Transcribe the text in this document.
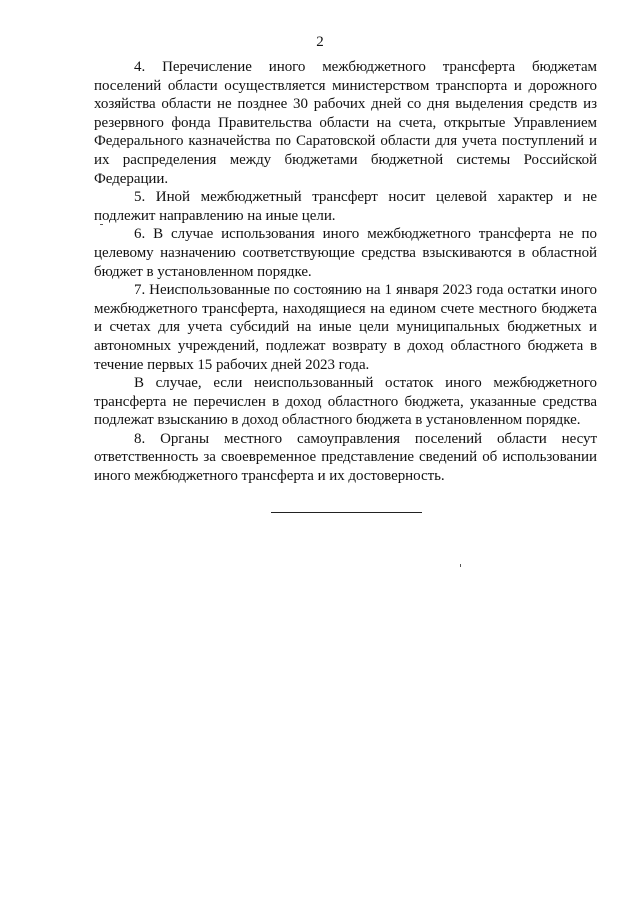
2

4. Перечисление иного межбюджетного трансферта бюджетам поселений области осуществляется министерством транспорта и дорожного хозяйства области не позднее 30 рабочих дней со дня выделения средств из резервного фонда Правительства области на счета, открытые Управлением Федерального казначейства по Саратовской области для учета поступлений и их распределения между бюджетами бюджетной системы Российской Федерации.

5. Иной межбюджетный трансферт носит целевой характер и не подлежит направлению на иные цели.

6. В случае использования иного межбюджетного трансферта не по целевому назначению соответствующие средства взыскиваются в областной бюджет в установленном порядке.

7. Неиспользованные по состоянию на 1 января 2023 года остатки иного межбюджетного трансферта, находящиеся на едином счете местного бюджета и счетах для учета субсидий на иные цели муниципальных бюджетных и автономных учреждений, подлежат возврату в доход областного бюджета в течение первых 15 рабочих дней 2023 года.

В случае, если неиспользованный остаток иного межбюджетного трансферта не перечислен в доход областного бюджета, указанные средства подлежат взысканию в доход областного бюджета в установленном порядке.

8. Органы местного самоуправления поселений области несут ответственность за своевременное представление сведений об использовании иного межбюджетного трансферта и их достоверность.
